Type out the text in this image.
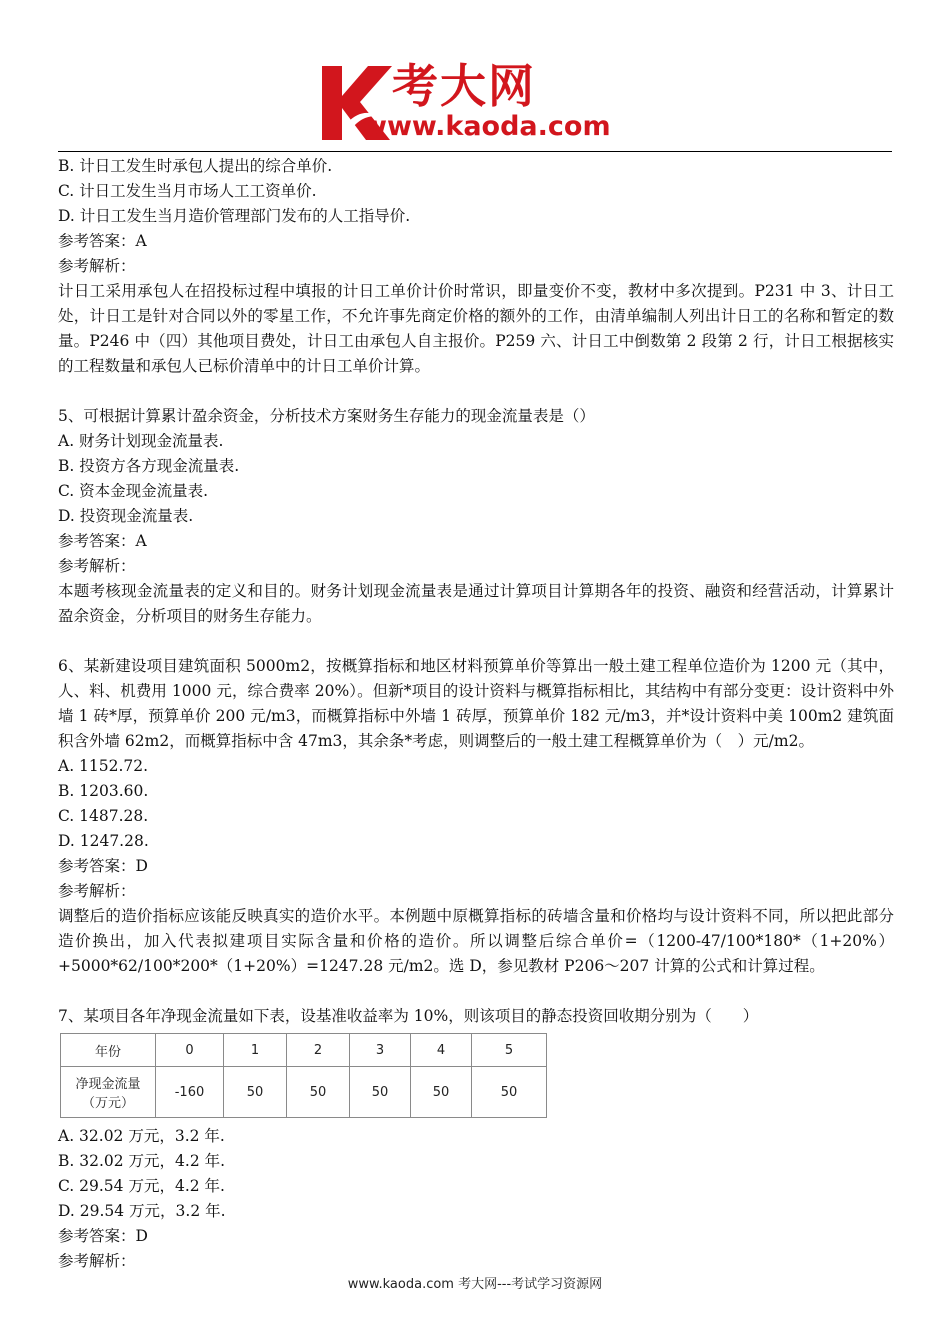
考大网
www.kaoda.com
B. 计日工发生时承包人提出的综合单价.
C. 计日工发生当月市场人工工资单价.
D. 计日工发生当月造价管理部门发布的人工指导价.
参考答案：A
参考解析：
计日工采用承包人在招投标过程中填报的计日工单价计价时常识，即量变价不变，教材中多次提到。P231 中 3、计日工处，计日工是针对合同以外的零星工作，不允许事先商定价格的额外的工作，由清单编制人列出计日工的名称和暂定的数量。P246 中（四）其他项目费处，计日工由承包人自主报价。P259 六、计日工中倒数第 2 段第 2 行，计日工根据核实的工程数量和承包人已标价清单中的计日工单价计算。
5、可根据计算累计盈余资金，分析技术方案财务生存能力的现金流量表是（）
A. 财务计划现金流量表.
B. 投资方各方现金流量表.
C. 资本金现金流量表.
D. 投资现金流量表.
参考答案：A
参考解析：
本题考核现金流量表的定义和目的。财务计划现金流量表是通过计算项目计算期各年的投资、融资和经营活动，计算累计盈余资金，分析项目的财务生存能力。
6、某新建设项目建筑面积 5000m2，按概算指标和地区材料预算单价等算出一般土建工程单位造价为 1200 元（其中，人、料、机费用 1000 元，综合费率 20%）。但新*项目的设计资料与概算指标相比，其结构中有部分变更：设计资料中外墙 1 砖*厚，预算单价 200 元/m3，而概算指标中外墙 1 砖厚，预算单价 182 元/m3，并*设计资料中美 100m2 建筑面积含外墙 62m2，而概算指标中含 47m3，其余条*考虑，则调整后的一般土建工程概算单价为（　）元/m2。
A. 1152.72.
B. 1203.60.
C. 1487.28.
D. 1247.28.
参考答案：D
参考解析：
调整后的造价指标应该能反映真实的造价水平。本例题中原概算指标的砖墙含量和价格均与设计资料不同，所以把此部分造价换出，加入代表拟建项目实际含量和价格的造价。所以调整后综合单价=（1200-47/100*180*（1+20%）+5000*62/100*200*（1+20%）=1247.28 元/m2。选 D，参见教材 P206～207 计算的公式和计算过程。
7、某项目各年净现金流量如下表，设基准收益率为 10%，则该项目的静态投资回收期分别为（　　）
年份	0	1	2	3	4	5

净现金流量
（万元）	-160	50	50	50	50	50
A. 32.02 万元，3.2 年.
B. 32.02 万元，4.2 年.
C. 29.54 万元，4.2 年.
D. 29.54 万元，3.2 年.
参考答案：D
参考解析：
www.kaoda.com 考大网---考试学习资源网
